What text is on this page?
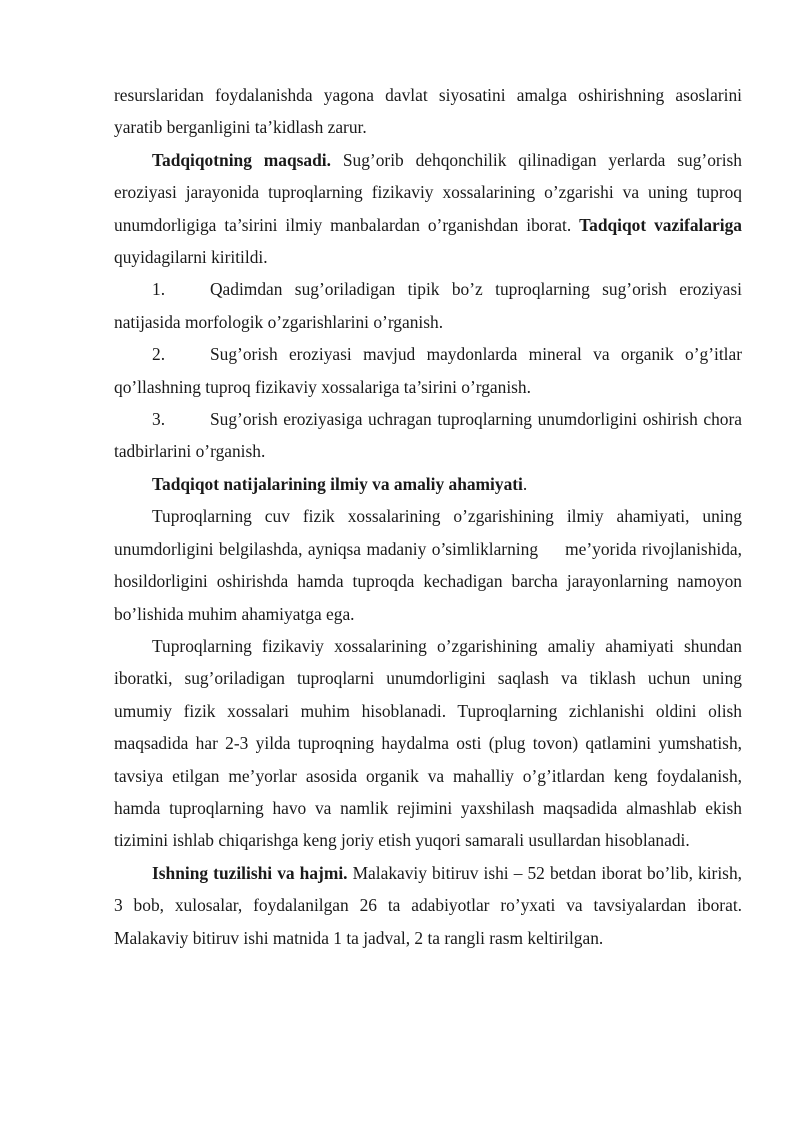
resurslaridan foydalanishda yagona davlat siyosatini amalga oshirishning asoslarini yaratib berganligini ta’kidlash zarur.

Tadqiqotning maqsadi. Sug’orib dehqonchilik qilinadigan yerlarda sug’orish eroziyasi jarayonida tuproqlarning fizikaviy xossalarining o’zgarishi va uning tuproq unumdorligiga ta’sirini ilmiy manbalardan o’rganishdan iborat. Tadqiqot vazifalariga quyidagilarni kiritildi.

1.	Qadimdan sug’oriladigan tipik bo’z tuproqlarning sug’orish eroziyasi natijasida morfologik o’zgarishlarini o’rganish.

2.	Sug’orish eroziyasi mavjud maydonlarda mineral va organik o’g’itlar qo’llashning tuproq fizikaviy xossalariga ta’sirini o’rganish.

3.	Sug’orish eroziyasiga uchragan tuproqlarning unumdorligini oshirish chora tadbirlarini o’rganish.

Tadqiqot natijalarining ilmiy va amaliy ahamiyati.

Tuproqlarning cuv fizik xossalarining o’zgarishining ilmiy ahamiyati, uning unumdorligini belgilashda, ayniqsa madaniy o’simliklarning     me’yorida rivojlanishida, hosildorligini oshirishda hamda tuproqda kechadigan barcha jarayonlarning namoyon bo’lishida muhim ahamiyatga ega.

Tuproqlarning fizikaviy xossalarining o’zgarishining amaliy ahamiyati shundan iboratki, sug’oriladigan tuproqlarni unumdorligini saqlash va tiklash uchun uning umumiy fizik xossalari muhim hisoblanadi. Tuproqlarning zichlanishi oldini olish maqsadida har 2-3 yilda tuproqning haydalma osti (plug tovon) qatlamini yumshatish, tavsiya etilgan me’yorlar asosida organik va mahalliy o’g’itlardan keng foydalanish, hamda tuproqlarning havo va namlik rejimini yaxshilash maqsadida almashlab ekish tizimini ishlab chiqarishga keng joriy etish yuqori samarali usullardan hisoblanadi.

Ishning tuzilishi va hajmi. Malakaviy bitiruv ishi – 52 betdan iborat bo’lib, kirish, 3 bob, xulosalar, foydalanilgan 26 ta adabiyotlar ro’yxati va tavsiyalardan iborat. Malakaviy bitiruv ishi matnida 1 ta jadval, 2 ta rangli rasm keltirilgan.
